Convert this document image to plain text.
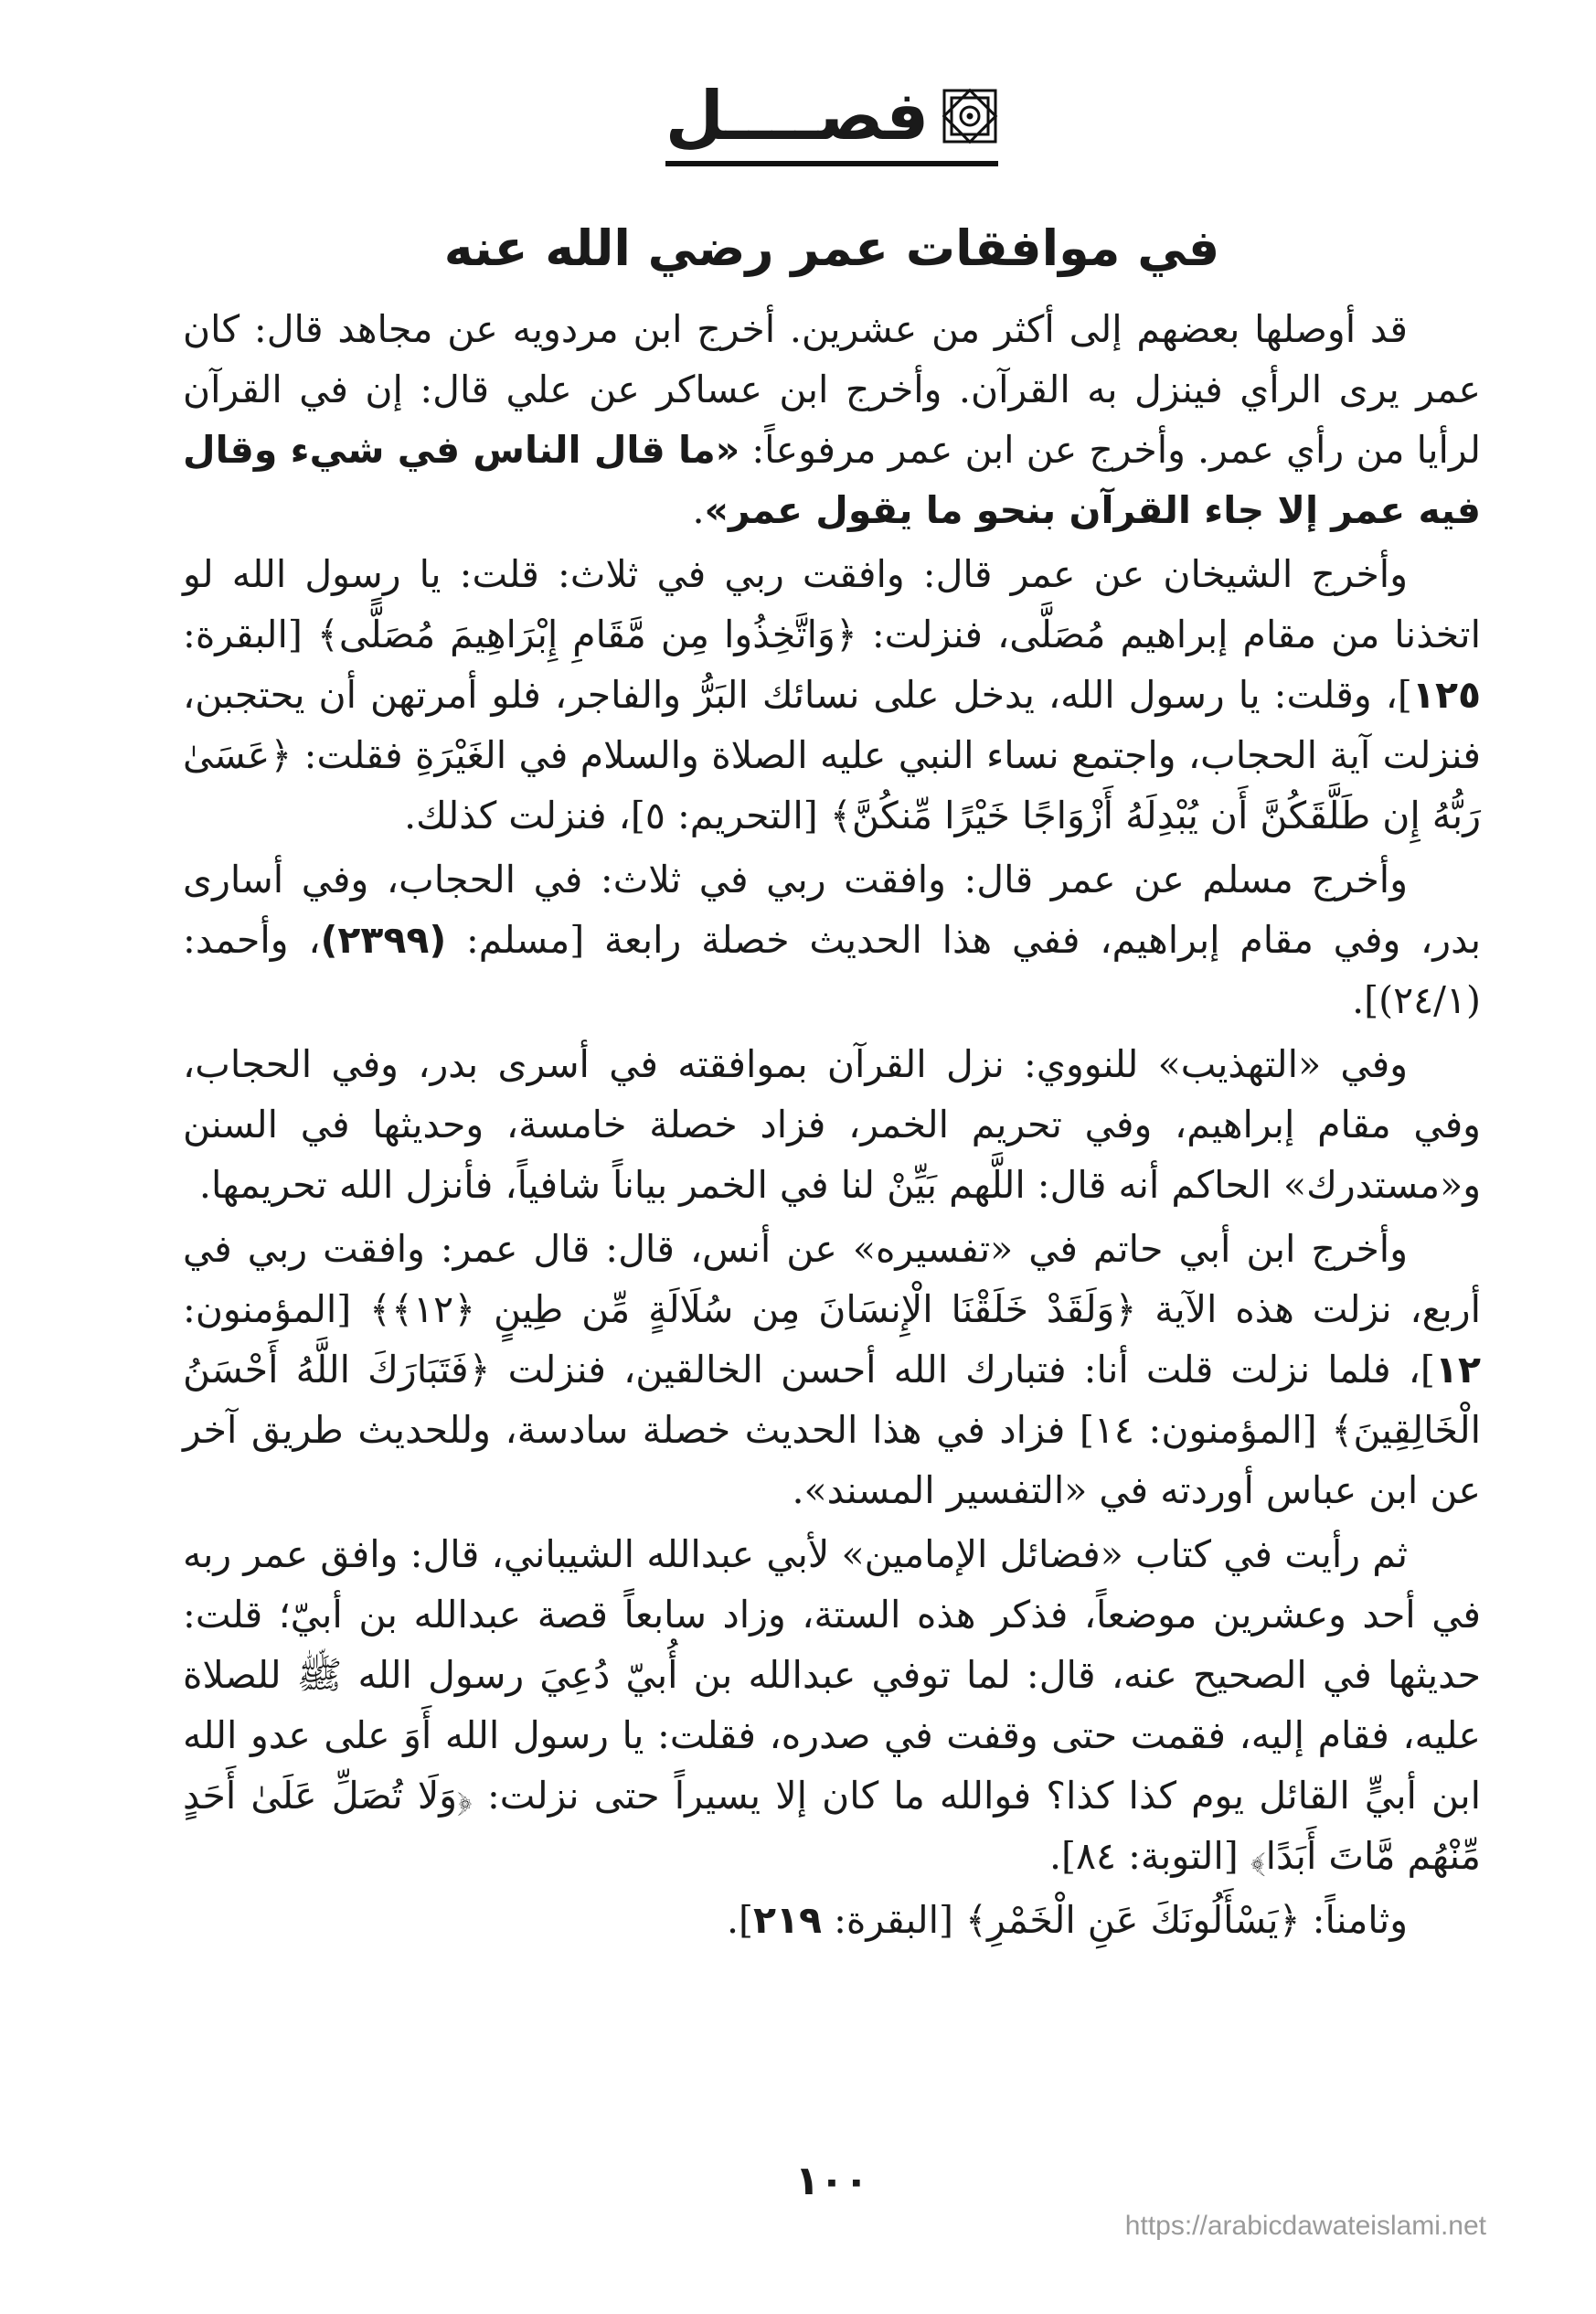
فصــــل
في موافقات عمر رضي الله عنه

قد أوصلها بعضهم إلى أكثر من عشرين. أخرج ابن مردويه عن مجاهد قال: كان عمر يرى الرأي فينزل به القرآن. وأخرج ابن عساكر عن علي قال: إن في القرآن لرأيا من رأي عمر. وأخرج عن ابن عمر مرفوعاً: «ما قال الناس في شيء وقال فيه عمر إلا جاء القرآن بنحو ما يقول عمر».

وأخرج الشيخان عن عمر قال: وافقت ربي في ثلاث: قلت: يا رسول الله لو اتخذنا من مقام إبراهيم مُصَلَّى، فنزلت: ﴿وَاتَّخِذُوا مِن مَّقَامِ إِبْرَاهِيمَ مُصَلًّى﴾ [البقرة: ١٢٥]، وقلت: يا رسول الله، يدخل على نسائك البَرُّ والفاجر، فلو أمرتهن أن يحتجبن، فنزلت آية الحجاب، واجتمع نساء النبي عليه الصلاة والسلام في الغَيْرَةِ فقلت: ﴿عَسَىٰ رَبُّهُ إِن طَلَّقَكُنَّ أَن يُبْدِلَهُ أَزْوَاجًا خَيْرًا مِّنكُنَّ﴾ [التحريم: ٥]، فنزلت كذلك.

وأخرج مسلم عن عمر قال: وافقت ربي في ثلاث: في الحجاب، وفي أسارى بدر، وفي مقام إبراهيم، ففي هذا الحديث خصلة رابعة [مسلم: (٢٣٩٩)، وأحمد: (٢٤/١)].

وفي «التهذيب» للنووي: نزل القرآن بموافقته في أسرى بدر، وفي الحجاب، وفي مقام إبراهيم، وفي تحريم الخمر، فزاد خصلة خامسة، وحديثها في السنن و«مستدرك» الحاكم أنه قال: اللَّهم بَيِّنْ لنا في الخمر بياناً شافياً، فأنزل الله تحريمها.

وأخرج ابن أبي حاتم في «تفسيره» عن أنس، قال: قال عمر: وافقت ربي في أربع، نزلت هذه الآية ﴿وَلَقَدْ خَلَقْنَا الْإِنسَانَ مِن سُلَالَةٍ مِّن طِينٍ ﴿١٢﴾﴾ [المؤمنون: ١٢]، فلما نزلت قلت أنا: فتبارك الله أحسن الخالقين، فنزلت ﴿فَتَبَارَكَ اللَّهُ أَحْسَنُ الْخَالِقِينَ﴾ [المؤمنون: ١٤] فزاد في هذا الحديث خصلة سادسة، وللحديث طريق آخر عن ابن عباس أوردته في «التفسير المسند».

ثم رأيت في كتاب «فضائل الإمامين» لأبي عبدالله الشيباني، قال: وافق عمر ربه في أحد وعشرين موضعاً، فذكر هذه الستة، وزاد سابعاً قصة عبدالله بن أبيّ؛ قلت: حديثها في الصحيح عنه، قال: لما توفي عبدالله بن أُبيّ دُعِيَ رسول الله ﷺ للصلاة عليه، فقام إليه، فقمت حتى وقفت في صدره، فقلت: يا رسول الله أَوَ على عدو الله ابن أبيٍّ القائل يوم كذا كذا؟ فوالله ما كان إلا يسيراً حتى نزلت: ﴿وَلَا تُصَلِّ عَلَىٰ أَحَدٍ مِّنْهُم مَّاتَ أَبَدًا﴾ [التوبة: ٨٤].

وثامناً: ﴿يَسْأَلُونَكَ عَنِ الْخَمْرِ﴾ [البقرة: ٢١٩].

١٠٠
https://arabicdawateislami.net
